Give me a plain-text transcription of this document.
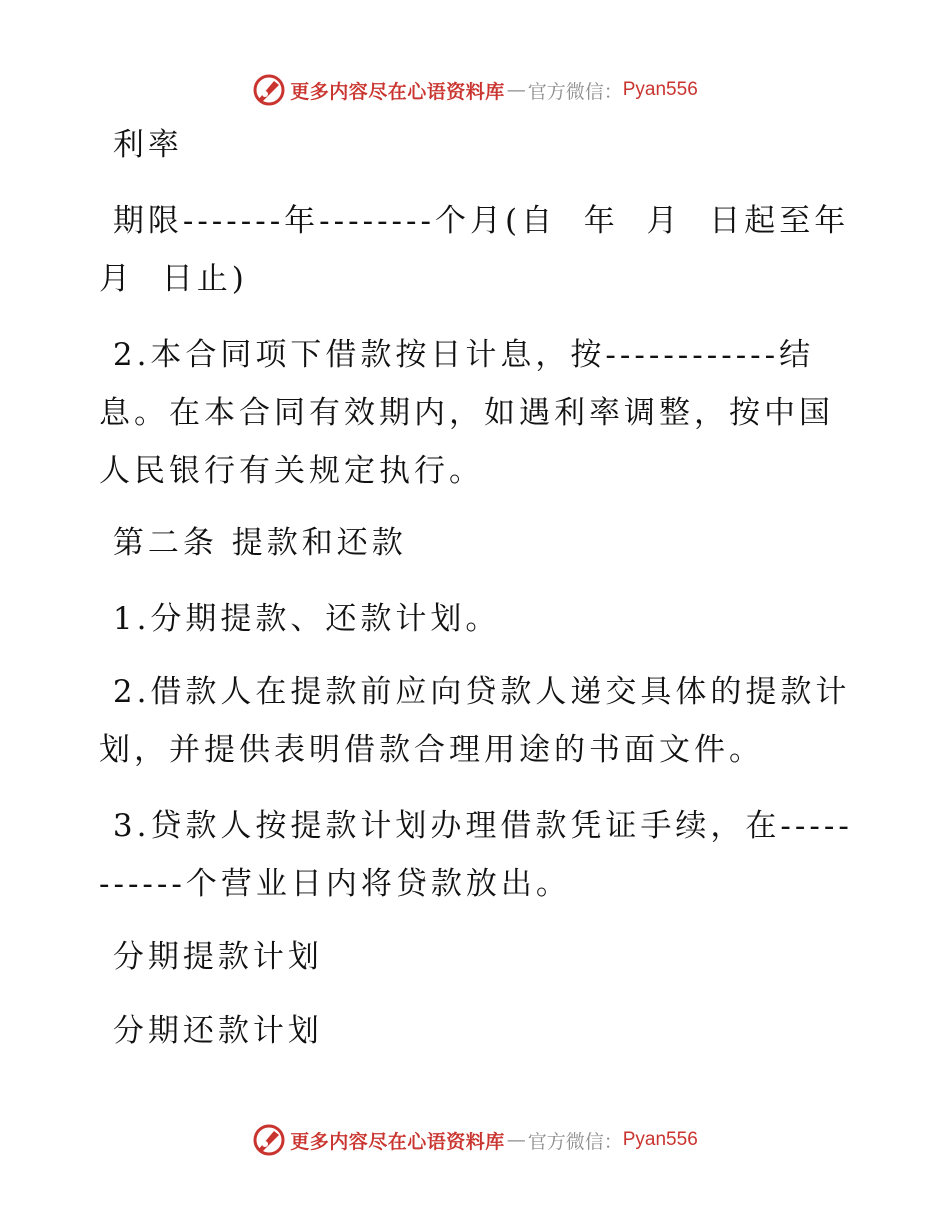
更多内容尽在心语资料库 — 官方微信： Pyan556

利率

期限-------年--------个月(自  年  月  日起至年  月  日止)

2.本合同项下借款按日计息，按------------结息。在本合同有效期内，如遇利率调整，按中国人民银行有关规定执行。

第二条 提款和还款

1.分期提款、还款计划。

2.借款人在提款前应向贷款人递交具体的提款计划，并提供表明借款合理用途的书面文件。

3.贷款人按提款计划办理借款凭证手续，在-----------个营业日内将贷款放出。

分期提款计划

分期还款计划

更多内容尽在心语资料库 — 官方微信： Pyan556
